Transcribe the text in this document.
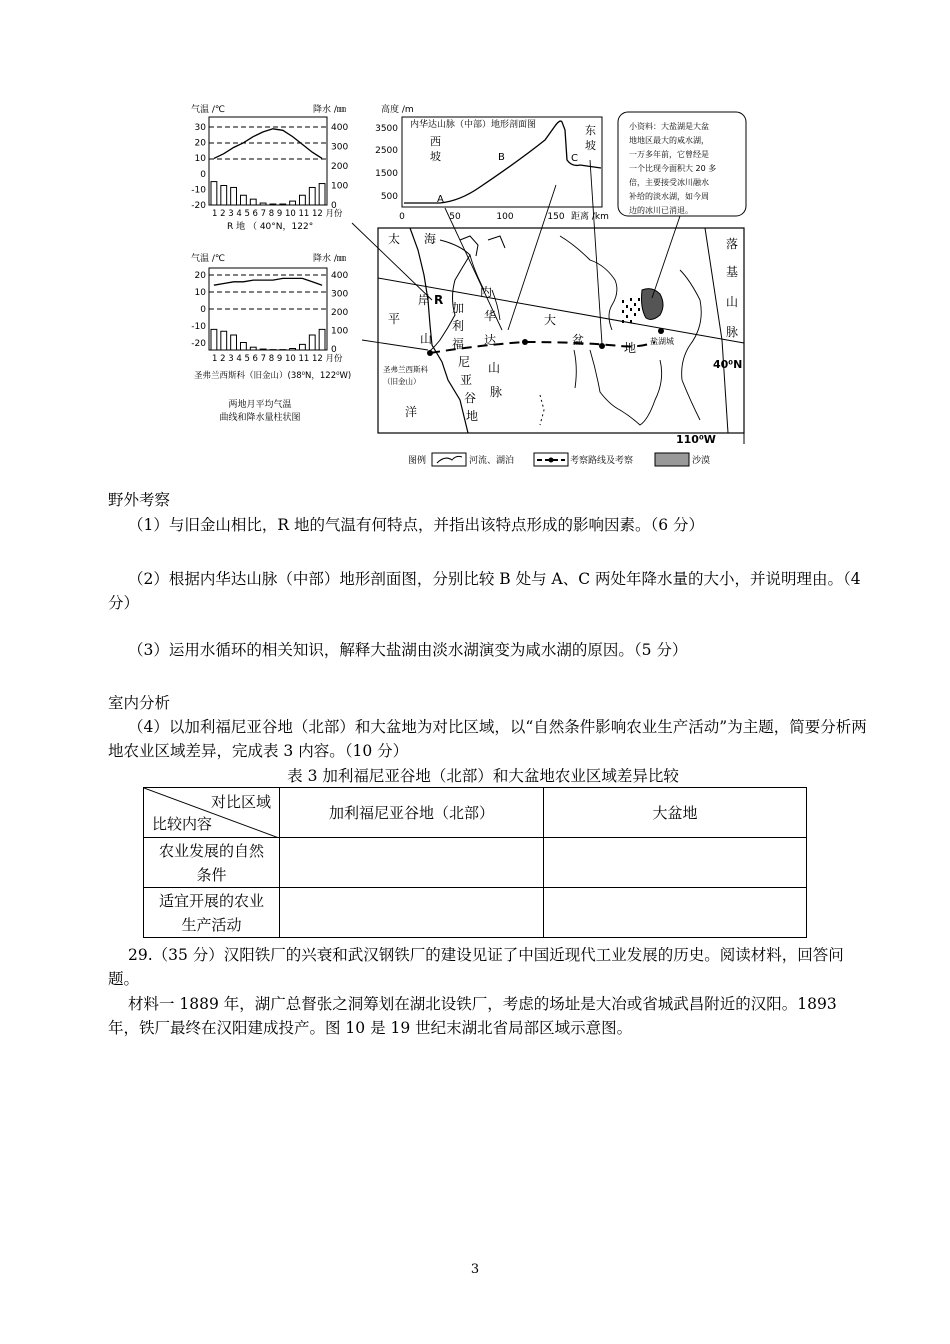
气温 /℃	降水 /㎜
30
20
10
0
-10
-20
400
300
200
100
0
1 2 3 4 5 6 7 8 9 10 11 12 月份
R 地 （ 40°N，122°
气温 /℃	降水 /㎜
20
10
0
-10
-20
400
300
200
100
0
1 2 3 4 5 6 7 8 9 10 11 12 月份
圣弗兰西斯科（旧金山）(38⁰N，122⁰W)
两地月平均气温
曲线和降水量柱状图
高度 /m
内华达山脉（中部）地形剖面图
3500
2500
1500
500
0	50	100	150 距离 /km
西
坡
东
坡
A
B	C
小资料：大盐湖是大盆
地地区最大的咸水湖，
一万多年前，它曾经是
一个比现今面积大 20 多
倍，主要接受冰川融水
补给的淡水湖，如今周
边的冰川已消退。
太
平
洋
海
岸
山
R
加
利
福
尼
亚
谷
地
内
华
达
山
脉
大
盆
地
落
基
山
脉
圣弗兰西斯科
（旧金山）
盐湖城
40⁰N
110⁰W
图例	河流、湖泊	考察路线及考察	沙漠
野外考察
（1）与旧金山相比，R 地的气温有何特点，并指出该特点形成的影响因素。（6 分）
（2）根据内华达山脉（中部）地形剖面图，分别比较 B 处与 A、C 两处年降水量的大小，并说明理由。（4 分）
（3）运用水循环的相关知识，解释大盐湖由淡水湖演变为咸水湖的原因。（5 分）
室内分析
（4）以加利福尼亚谷地（北部）和大盆地为对比区域，以“自然条件影响农业生产活动”为主题，简要分析两地农业区域差异，完成表 3 内容。（10 分）
表 3 加利福尼亚谷地（北部）和大盆地农业区域差异比较
对比区域
比较内容	加利福尼亚谷地（北部）	大盆地

农业发展的自然条件		

适宜开展的农业生产活动		

29.（35 分）汉阳铁厂的兴衰和武汉钢铁厂的建设见证了中国近现代工业发展的历史。阅读材料，回答问题。
材料一 1889 年，湖广总督张之洞筹划在湖北设铁厂，考虑的场址是大冶或省城武昌附近的汉阳。1893 年，铁厂最终在汉阳建成投产。图 10 是 19 世纪末湖北省局部区域示意图。
3
